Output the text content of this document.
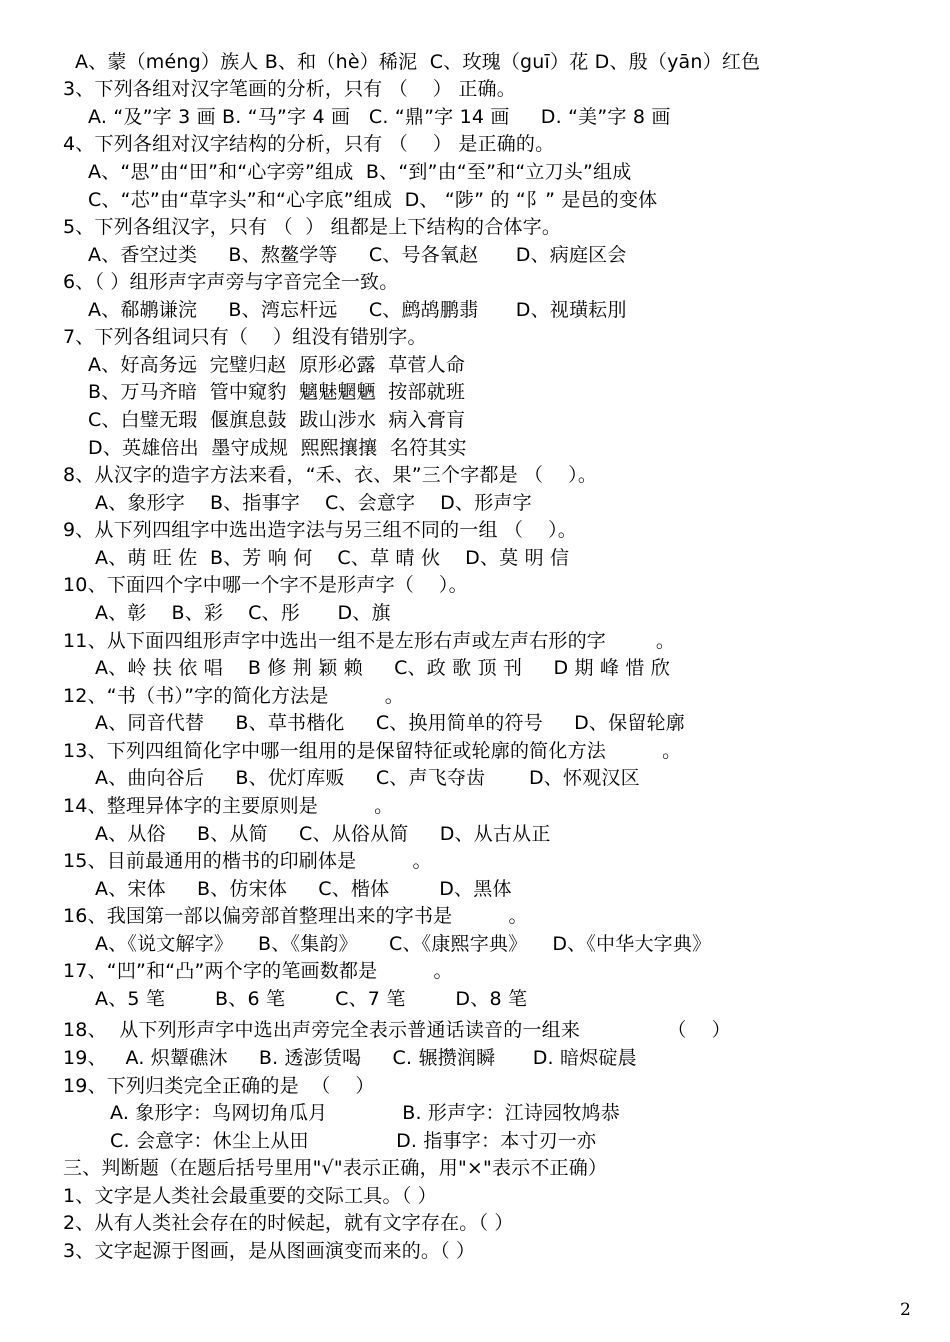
A、蒙（méng）族人 B、和（hè）稀泥  C、玫瑰（guī）花 D、殷（yān）红色
3、下列各组对汉字笔画的分析，只有 （    ） 正确。
A. “及”字 3 画 B. “马”字 4 画   C. “鼎”字 14 画     D. “美”字 8 画
4、下列各组对汉字结构的分析，只有 （    ） 是正确的。
A、“思”由“田”和“心字旁”组成  B、“到”由“至”和“立刀头”组成
C、“芯”由“草字头”和“心字底”组成  D、 “陟” 的 “阝” 是邑的变体
5、下列各组汉字，只有 （  ） 组都是上下结构的合体字。
A、香空过类     B、熬鳌学等     C、号各氧赵      D、病庭区会
6、（ ）组形声字声旁与字音完全一致。
A、郗鹕谦浣     B、湾忘杆远     C、鹧鸪鹏翡      D、视璜耘刖
7、下列各组词只有（    ）组没有错别字。
A、好高务远  完璧归赵  原形必露  草菅人命
B、万马齐暗  管中窥豹  魑魅魍魉  按部就班
C、白璧无瑕  偃旗息鼓  跋山涉水  病入膏肓
D、英雄倍出  墨守成规  熙熙攘攘  名符其实
8、从汉字的造字方法来看，“禾、衣、果”三个字都是 （    ）。
A、象形字    B、指事字    C、会意字    D、形声字
9、从下列四组字中选出造字法与另三组不同的一组 （    ）。
A、萌 旺 佐  B、芳 响 何    C、草 晴 伙    D、莫 明 信
10、下面四个字中哪一个字不是形声字（    ）。
A、彰    B、彩    C、彤      D、旗
11、从下面四组形声字中选出一组不是左形右声或左声右形的字        。
A、岭 扶 依 唱    B 修 荆 颖 赖     C、政 歌 顶 刊     D 期 峰 惜 欣
12、“书（书）”字的简化方法是         。
A、同音代替     B、草书楷化     C、换用简单的符号     D、保留轮廓
13、下列四组简化字中哪一组用的是保留特征或轮廓的简化方法         。
A、曲向谷后     B、优灯库贩     C、声飞夺齿       D、怀观汉区
14、整理异体字的主要原则是         。
A、从俗     B、从简     C、从俗从简     D、从古从正
15、目前最通用的楷书的印刷体是         。
A、宋体     B、仿宋体     C、楷体        D、黑体
16、我国第一部以偏旁部首整理出来的字书是         。
A、《说文解字》    B、《集韵》     C、《康熙字典》    D、《中华大字典》
17、“凹”和“凸”两个字的笔画数都是         。
A、5 笔        B、6 笔        C、7 笔        D、8 笔
18、  从下列形声字中选出声旁完全表示普通话读音的一组来              （    ）
19、   A. 炽颦礁沐     B. 透澎赁喝     C. 辗攒润瞬      D. 暗烬碇晨
19、下列归类完全正确的是  （    ）
A. 象形字：鸟网切角瓜月            B. 形声字：江诗园牧鸠恭
C. 会意字：休尘上从田              D. 指事字：本寸刃一亦
三、判断题（在题后括号里用"√"表示正确，用"×"表示不正确）
1、文字是人类社会最重要的交际工具。（ ）
2、从有人类社会存在的时候起，就有文字存在。（ ）
3、文字起源于图画，是从图画演变而来的。（ ）
2
